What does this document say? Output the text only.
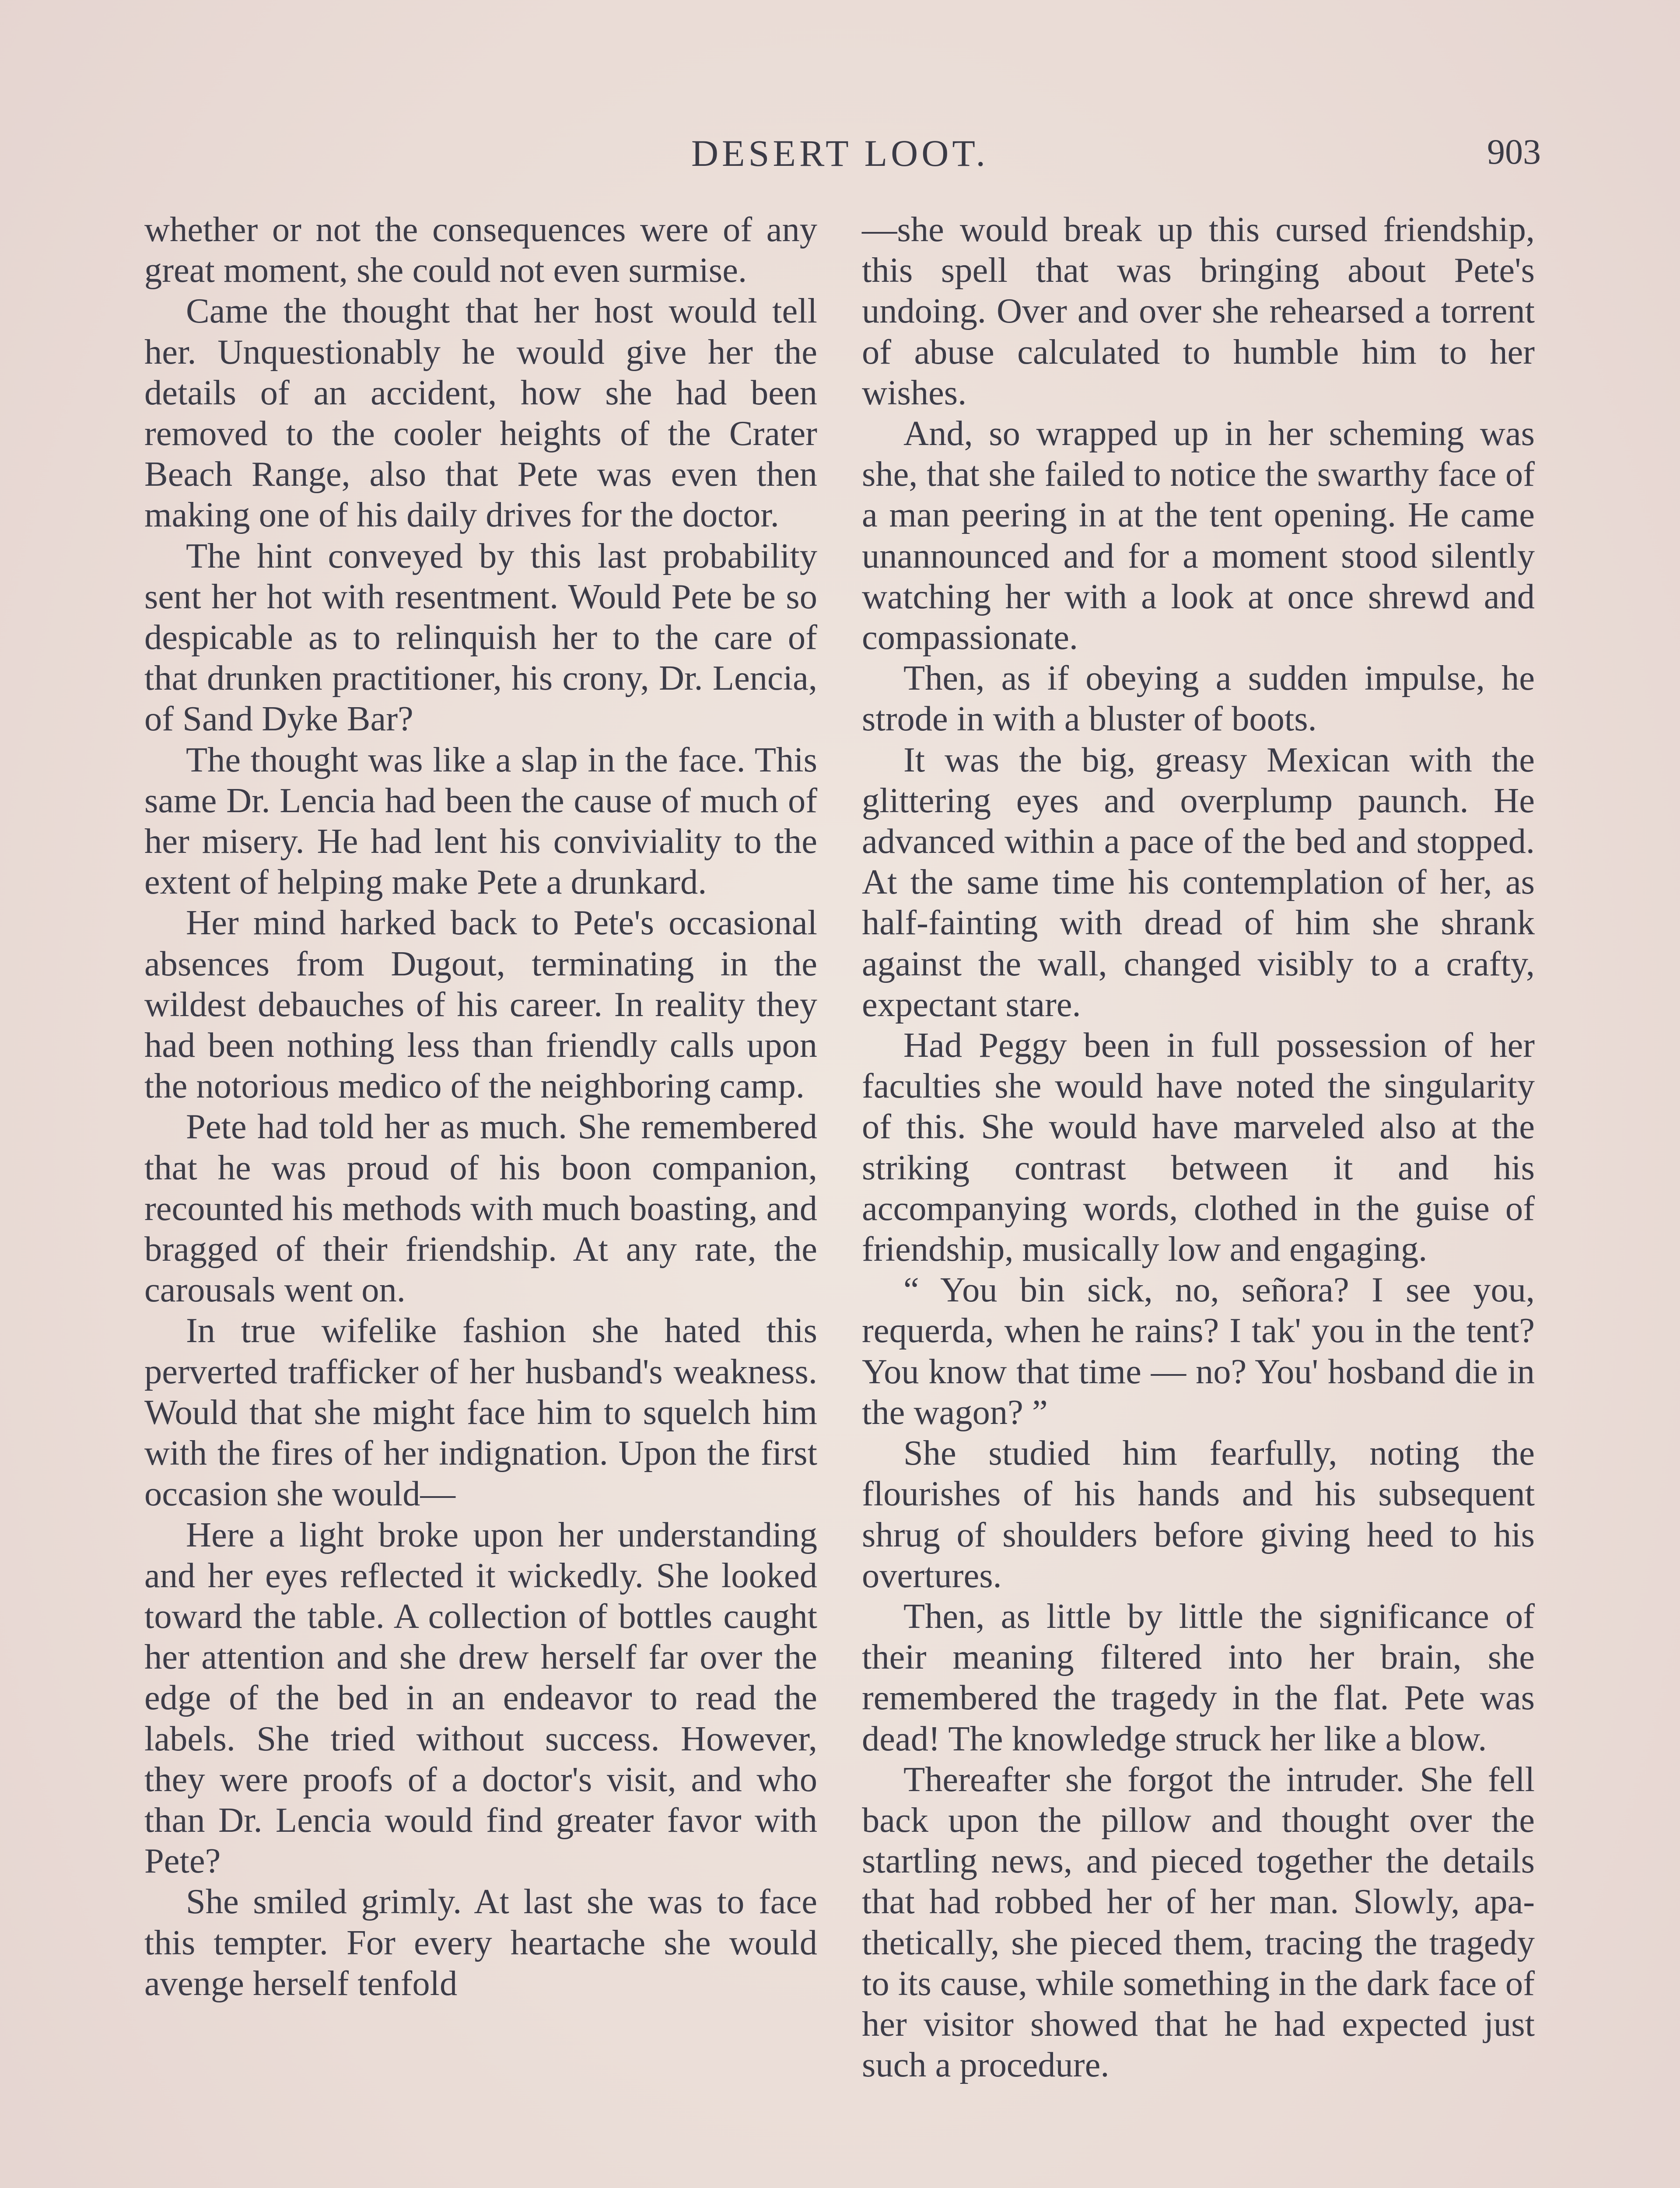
DESERT LOOT.	903

whether or not the consequences were of any great moment, she could not even surmise.

Came the thought that her host would tell her. Unquestionably he would give her the details of an accident, how she had been removed to the cooler heights of the Crater Beach Range, also that Pete was even then making one of his daily drives for the doctor.

The hint conveyed by this last probability sent her hot with resentment. Would Pete be so despicable as to relinquish her to the care of that drunken practitioner, his crony, Dr. Lencia, of Sand Dyke Bar?

The thought was like a slap in the face. This same Dr. Lencia had been the cause of much of her misery. He had lent his conviviality to the extent of helping make Pete a drunkard.

Her mind harked back to Pete's occasional absences from Dugout, terminating in the wildest debauches of his career. In reality they had been nothing less than friendly calls upon the notorious medico of the neighboring camp.

Pete had told her as much. She remembered that he was proud of his boon companion, recounted his methods with much boasting, and bragged of their friendship. At any rate, the carousals went on.

In true wifelike fashion she hated this perverted trafficker of her husband's weakness. Would that she might face him to squelch him with the fires of her indignation. Upon the first occasion she would—

Here a light broke upon her understanding and her eyes reflected it wickedly. She looked toward the table. A collection of bottles caught her attention and she drew herself far over the edge of the bed in an endeavor to read the labels. She tried without success. However, they were proofs of a doctor's visit, and who than Dr. Lencia would find greater favor with Pete?

She smiled grimly. At last she was to face this tempter. For every heartache she would avenge herself tenfold

—she would break up this cursed friendship, this spell that was bringing about Pete's undoing. Over and over she rehearsed a torrent of abuse calculated to humble him to her wishes.

And, so wrapped up in her scheming was she, that she failed to notice the swarthy face of a man peering in at the tent opening. He came unannounced and for a moment stood silently watching her with a look at once shrewd and compassionate.

Then, as if obeying a sudden impulse, he strode in with a bluster of boots.

It was the big, greasy Mexican with the glittering eyes and overplump paunch. He advanced within a pace of the bed and stopped. At the same time his contemplation of her, as half-fainting with dread of him she shrank against the wall, changed visibly to a crafty, expectant stare.

Had Peggy been in full possession of her faculties she would have noted the singularity of this. She would have marveled also at the striking contrast between it and his accompanying words, clothed in the guise of friendship, musically low and engaging.

“ You bin sick, no, señora? I see you, requerda, when he rains? I tak' you in the tent? You know that time — no? You' hosband die in the wagon? ”

She studied him fearfully, noting the flourishes of his hands and his subsequent shrug of shoulders before giving heed to his overtures.

Then, as little by little the significance of their meaning filtered into her brain, she remembered the tragedy in the flat. Pete was dead! The knowledge struck her like a blow.

Thereafter she forgot the intruder. She fell back upon the pillow and thought over the startling news, and pieced together the details that had robbed her of her man. Slowly, apathetically, she pieced them, tracing the tragedy to its cause, while something in the dark face of her visitor showed that he had expected just such a procedure.
